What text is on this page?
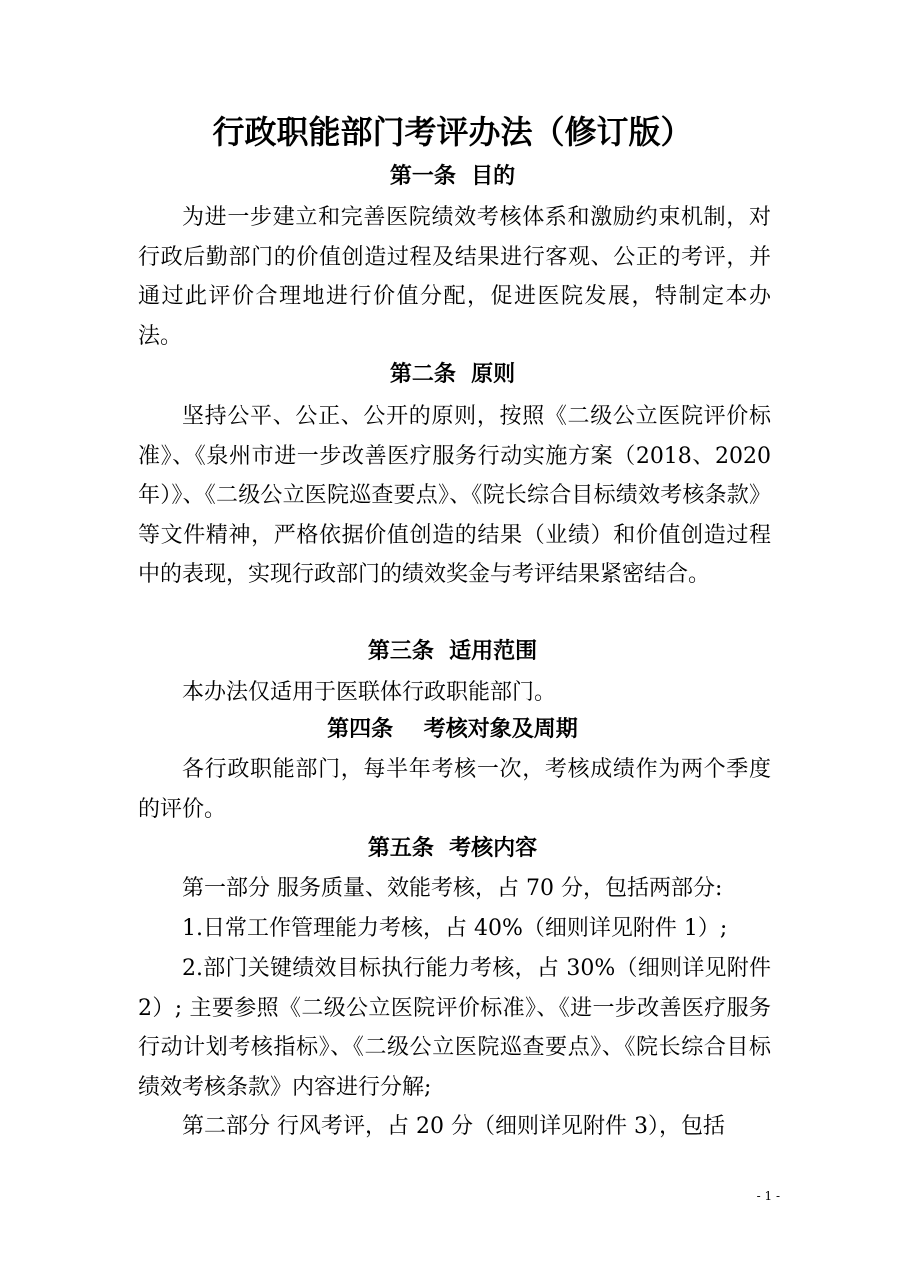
行政职能部门考评办法（修订版）
第一条  目的

为进一步建立和完善医院绩效考核体系和激励约束机制，对行政后勤部门的价值创造过程及结果进行客观、公正的考评，并通过此评价合理地进行价值分配，促进医院发展，特制定本办法。

第二条  原则

坚持公平、公正、公开的原则，按照《二级公立医院评价标准》、《泉州市进一步改善医疗服务行动实施方案（2018、2020年）》、《二级公立医院巡查要点》、《院长综合目标绩效考核条款》等文件精神，严格依据价值创造的结果（业绩）和价值创造过程中的表现，实现行政部门的绩效奖金与考评结果紧密结合。

第三条  适用范围

本办法仅适用于医联体行政职能部门。

第四条    考核对象及周期

各行政职能部门，每半年考核一次，考核成绩作为两个季度的评价。

第五条  考核内容

第一部分 服务质量、效能考核，占 70 分，包括两部分:

1.日常工作管理能力考核，占 40%（细则详见附件 1）;

2.部门关键绩效目标执行能力考核，占 30%（细则详见附件 2）; 主要参照《二级公立医院评价标准》、《进一步改善医疗服务行动计划考核指标》、《二级公立医院巡查要点》、《院长综合目标绩效考核条款》内容进行分解;

第二部分 行风考评，占 20 分（细则详见附件 3），包括

- 1 -
